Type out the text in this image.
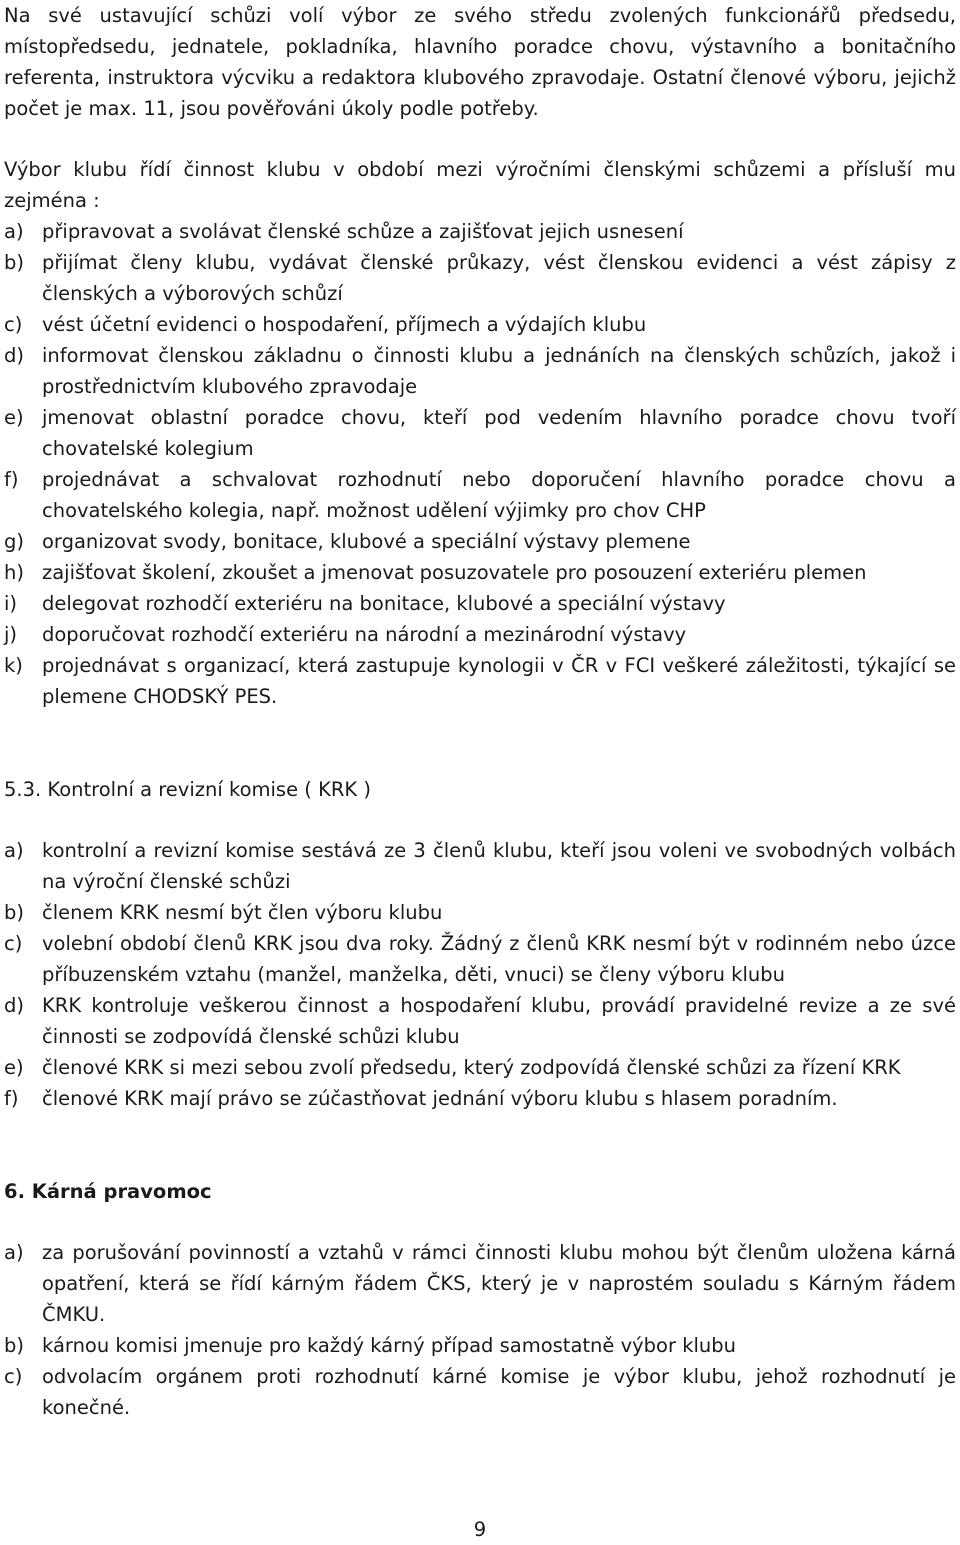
Na své ustavující schůzi volí výbor ze svého středu zvolených funkcionářů předsedu, místopředsedu, jednatele, pokladníka, hlavního poradce chovu, výstavního a bonitačního referenta, instruktora výcviku a redaktora klubového zpravodaje. Ostatní členové výboru, jejichž počet je max. 11, jsou pověřováni úkoly podle potřeby.

Výbor klubu řídí činnost klubu v období mezi výročními členskými schůzemi a přísluší mu zejména :

a) připravovat a svolávat členské schůze a zajišťovat jejich usnesení
b) přijímat členy klubu, vydávat členské průkazy, vést členskou evidenci a vést zápisy z členských a výborových schůzí
c)	vést účetní evidenci o hospodaření, příjmech a výdajích klubu
d) informovat členskou základnu o činnosti klubu a jednáních na členských schůzích, jakož i prostřednictvím klubového zpravodaje
e) jmenovat oblastní poradce chovu, kteří pod vedením hlavního poradce chovu tvoří chovatelské kolegium
f)	projednávat a schvalovat rozhodnutí nebo doporučení hlavního poradce chovu a chovatelského kolegia, např. možnost udělení výjimky pro chov CHP
g) organizovat svody, bonitace, klubové a speciální výstavy plemene
h) zajišťovat školení, zkoušet a jmenovat posuzovatele pro posouzení exteriéru plemen
i)	delegovat rozhodčí exteriéru na bonitace, klubové a speciální výstavy
j)	doporučovat rozhodčí exteriéru na národní a mezinárodní výstavy
k) projednávat s organizací, která zastupuje kynologii v ČR v FCI veškeré záležitosti, týkající se plemene CHODSKÝ PES.
5.3. Kontrolní a revizní komise ( KRK )
a) kontrolní a revizní komise sestává ze 3 členů klubu, kteří jsou voleni ve svobodných volbách na výroční členské schůzi
b) členem KRK nesmí být člen výboru klubu
c)	volební období členů KRK jsou dva roky. Žádný z členů KRK nesmí být v rodinném nebo úzce příbuzenském vztahu (manžel, manželka, děti, vnuci) se členy výboru klubu
d) KRK kontroluje veškerou činnost a hospodaření klubu, provádí pravidelné revize a ze své činnosti se zodpovídá členské schůzi klubu
e) členové KRK si mezi sebou zvolí předsedu, který zodpovídá členské schůzi za řízení KRK
f)	členové KRK mají právo se zúčastňovat jednání výboru klubu s hlasem poradním.
6. Kárná pravomoc
a) za porušování povinností a vztahů v rámci činnosti klubu mohou být členům uložena kárná opatření, která se řídí kárným řádem ČKS, který je v naprostém souladu s Kárným řádem ČMKU.
b) kárnou komisi jmenuje pro každý kárný případ samostatně výbor klubu
c)	odvolacím orgánem proti rozhodnutí kárné komise je výbor klubu, jehož rozhodnutí je konečné.
9
